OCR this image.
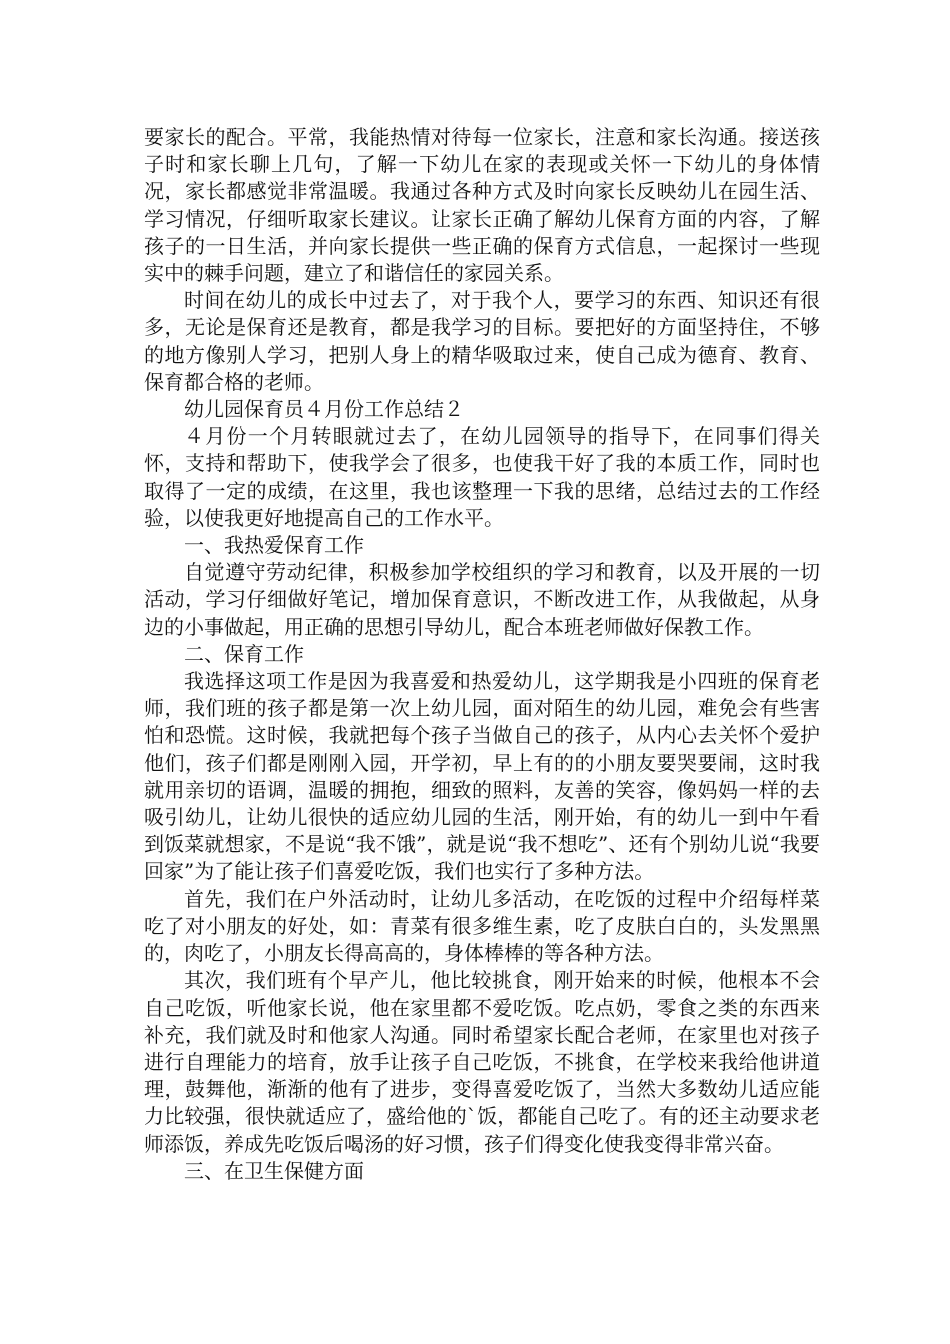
要家长的配合。平常，我能热情对待每一位家长，注意和家长沟通。接送孩子时和家长聊上几句，了解一下幼儿在家的表现或关怀一下幼儿的身体情况，家长都感觉非常温暖。我通过各种方式及时向家长反映幼儿在园生活、学习情况，仔细听取家长建议。让家长正确了解幼儿保育方面的内容，了解孩子的一日生活，并向家长提供一些正确的保育方式信息，一起探讨一些现实中的棘手问题，建立了和谐信任的家园关系。

时间在幼儿的成长中过去了，对于我个人，要学习的东西、知识还有很多，无论是保育还是教育，都是我学习的目标。要把好的方面坚持住，不够的地方像别人学习，把别人身上的精华吸取过来，使自己成为德育、教育、保育都合格的老师。

幼儿园保育员４月份工作总结２

４月份一个月转眼就过去了，在幼儿园领导的指导下，在同事们得关怀，支持和帮助下，使我学会了很多，也使我干好了我的本质工作，同时也取得了一定的成绩，在这里，我也该整理一下我的思绪，总结过去的工作经验，以使我更好地提高自己的工作水平。

一、我热爱保育工作

自觉遵守劳动纪律，积极参加学校组织的学习和教育，以及开展的一切活动，学习仔细做好笔记，增加保育意识，不断改进工作，从我做起，从身边的小事做起，用正确的思想引导幼儿，配合本班老师做好保教工作。

二、保育工作

我选择这项工作是因为我喜爱和热爱幼儿，这学期我是小四班的保育老师，我们班的孩子都是第一次上幼儿园，面对陌生的幼儿园，难免会有些害怕和恐慌。这时候，我就把每个孩子当做自己的孩子，从内心去关怀个爱护他们，孩子们都是刚刚入园，开学初，早上有的的小朋友要哭要闹，这时我就用亲切的语调，温暖的拥抱，细致的照料，友善的笑容，像妈妈一样的去吸引幼儿，让幼儿很快的适应幼儿园的生活，刚开始，有的幼儿一到中午看到饭菜就想家，不是说“我不饿”，就是说“我不想吃”、还有个别幼儿说“我要回家”为了能让孩子们喜爱吃饭，我们也实行了多种方法。

首先，我们在户外活动时，让幼儿多活动，在吃饭的过程中介绍每样菜吃了对小朋友的好处，如：青菜有很多维生素，吃了皮肤白白的，头发黑黑的，肉吃了，小朋友长得高高的，身体棒棒的等各种方法。

其次，我们班有个早产儿，他比较挑食，刚开始来的时候，他根本不会自己吃饭，听他家长说，他在家里都不爱吃饭。吃点奶，零食之类的东西来补充，我们就及时和他家人沟通。同时希望家长配合老师，在家里也对孩子进行自理能力的培育，放手让孩子自己吃饭，不挑食，在学校来我给他讲道理，鼓舞他，渐渐的他有了进步，变得喜爱吃饭了，当然大多数幼儿适应能力比较强，很快就适应了，盛给他的`饭，都能自己吃了。有的还主动要求老师添饭，养成先吃饭后喝汤的好习惯，孩子们得变化使我变得非常兴奋。

三、在卫生保健方面
